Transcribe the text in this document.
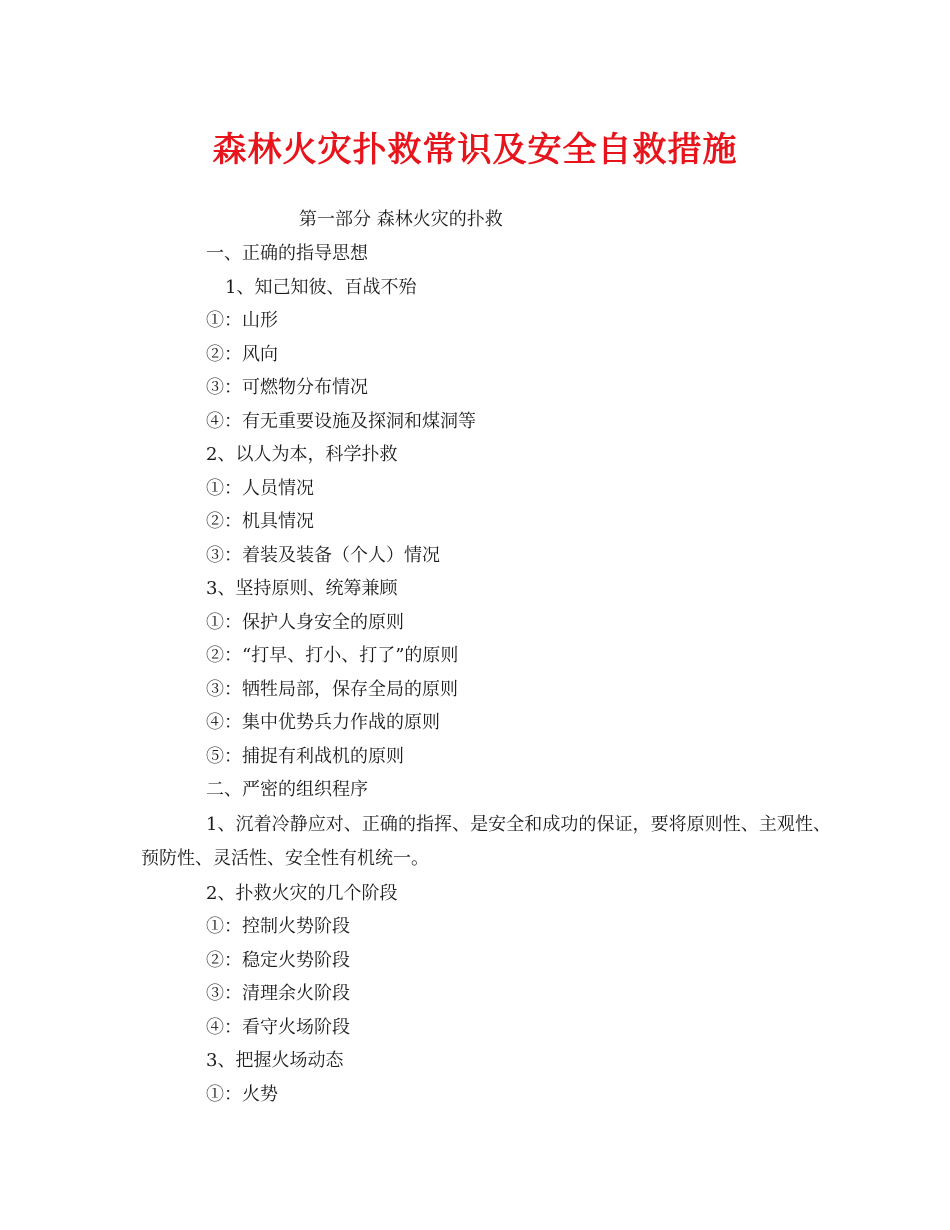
森林火灾扑救常识及安全自救措施
第一部分 森林火灾的扑救
一、正确的指导思想
1、知己知彼、百战不殆
①：山形
②：风向
③：可燃物分布情况
④：有无重要设施及探洞和煤洞等
2、以人为本，科学扑救
①：人员情况
②：机具情况
③：着装及装备（个人）情况
3、坚持原则、统筹兼顾
①：保护人身安全的原则
②：“打早、打小、打了”的原则
③：牺牲局部，保存全局的原则
④：集中优势兵力作战的原则
⑤：捕捉有利战机的原则
二、严密的组织程序
1、沉着冷静应对、正确的指挥、是安全和成功的保证，要将原则性、主观性、预防性、灵活性、安全性有机统一。
2、扑救火灾的几个阶段
①：控制火势阶段
②：稳定火势阶段
③：清理余火阶段
④：看守火场阶段
3、把握火场动态
①：火势
